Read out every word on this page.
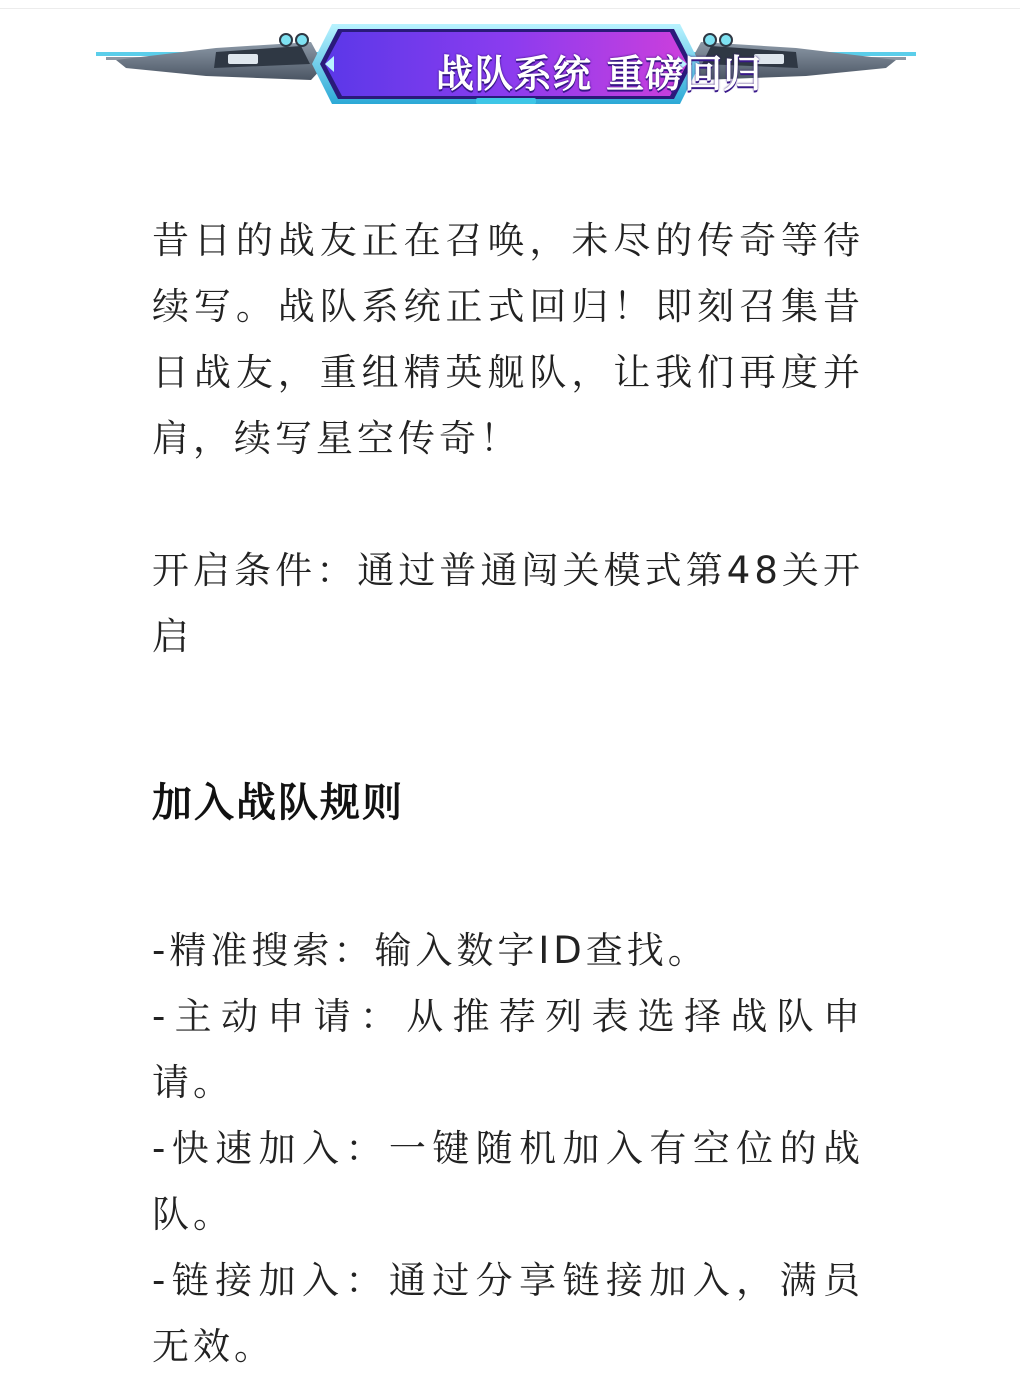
战队系统 重磅回归

昔日的战友正在召唤，未尽的传奇等待续写。战队系统正式回归！即刻召集昔日战友，重组精英舰队，让我们再度并肩，续写星空传奇！

开启条件：通过普通闯关模式第48关开启

加入战队规则

-精准搜索：输入数字ID查找。

-主动申请：从推荐列表选择战队申请。

-快速加入：一键随机加入有空位的战队。

-链接加入：通过分享链接加入，满员无效。
